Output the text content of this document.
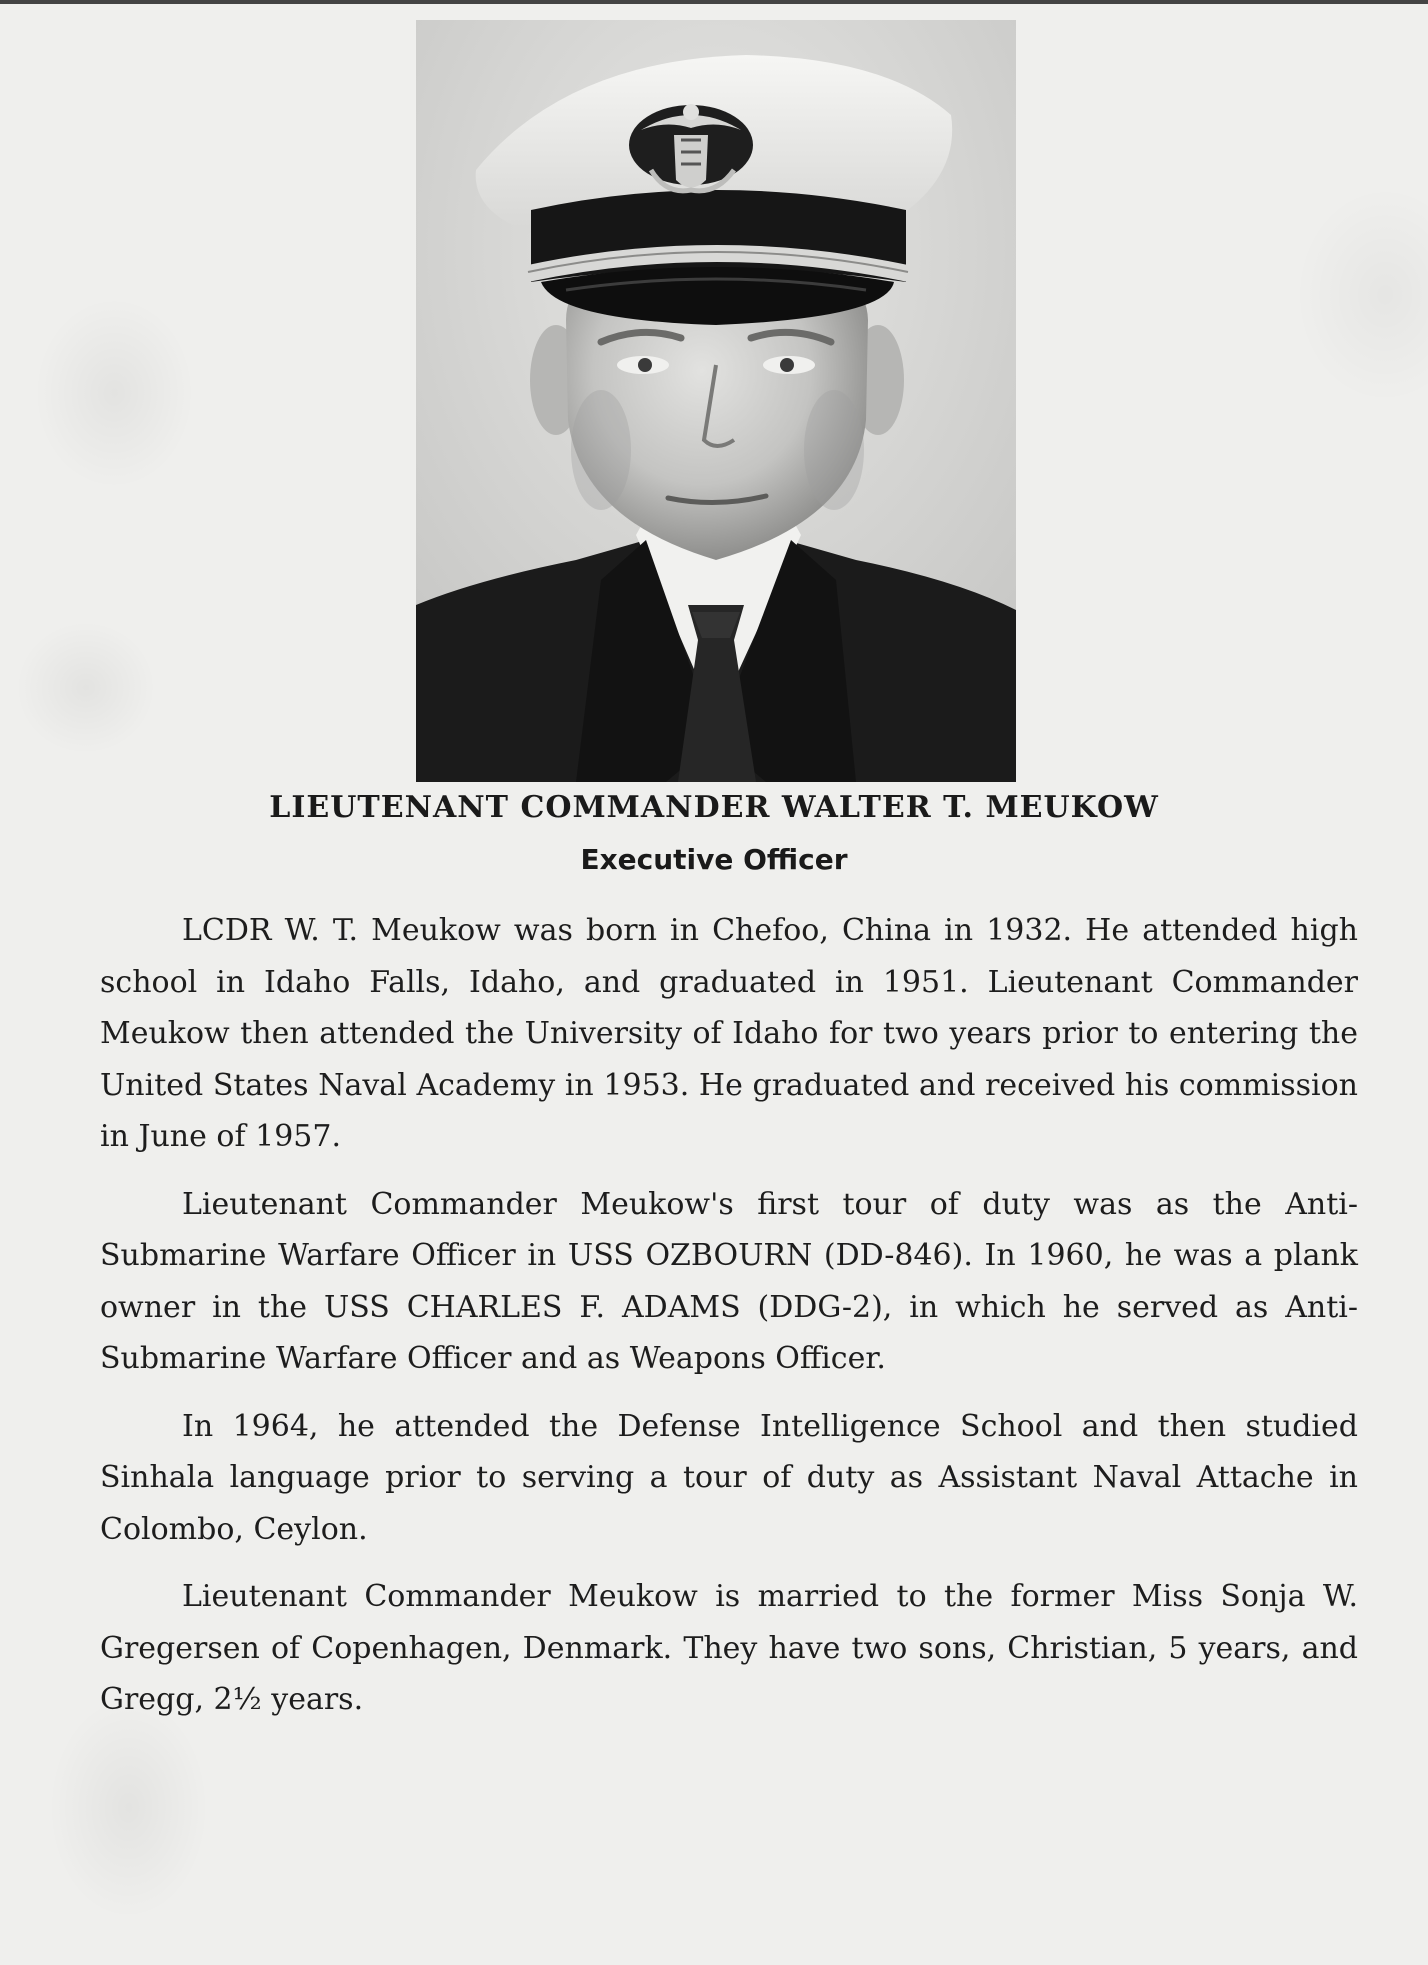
LIEUTENANT COMMANDER WALTER T. MEUKOW
Executive Officer

LCDR W. T. Meukow was born in Chefoo, China in 1932. He attended high school in Idaho Falls, Idaho, and graduated in 1951. Lieutenant Commander Meukow then attended the University of Idaho for two years prior to entering the United States Naval Academy in 1953. He graduated and received his commission in June of 1957.

Lieutenant Commander Meukow's first tour of duty was as the Anti-Submarine Warfare Officer in USS OZBOURN (DD-846). In 1960, he was a plank owner in the USS CHARLES F. ADAMS (DDG-2), in which he served as Anti-Submarine Warfare Officer and as Weapons Officer.

In 1964, he attended the Defense Intelligence School and then studied Sinhala language prior to serving a tour of duty as Assistant Naval Attache in Colombo, Ceylon.

Lieutenant Commander Meukow is married to the former Miss Sonja W. Gregersen of Copenhagen, Denmark. They have two sons, Christian, 5 years, and Gregg, 2½ years.
